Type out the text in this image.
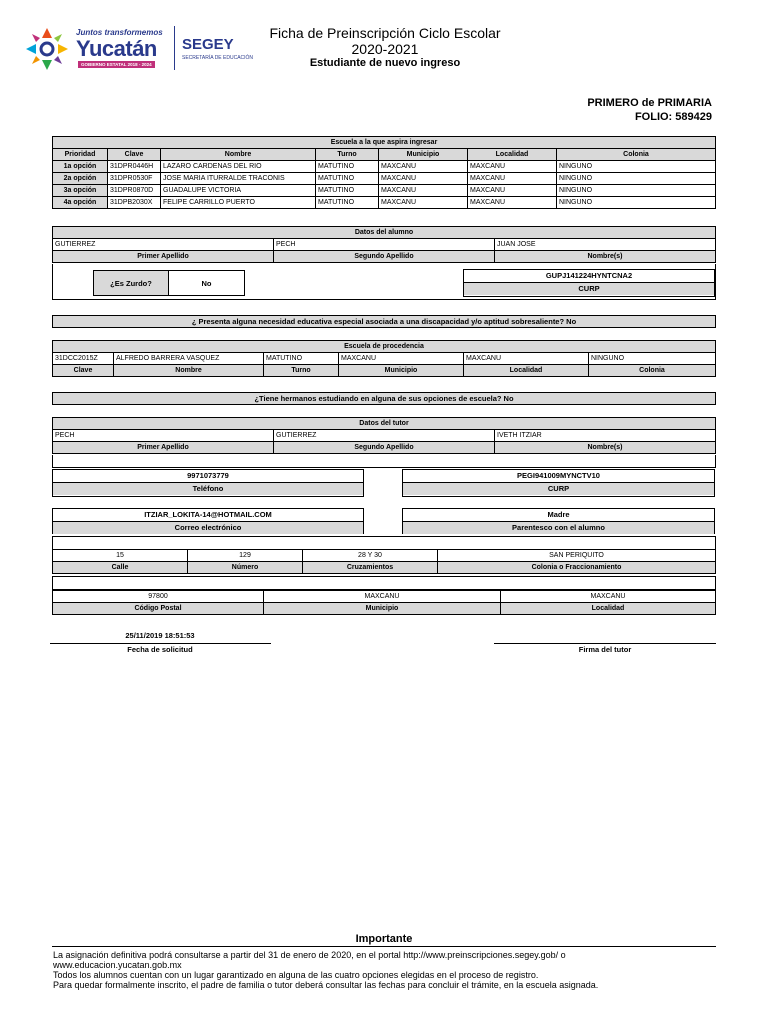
Juntos transformemos
Yucatán
GOBIERNO ESTATAL 2018 - 2024
SEGEY
SECRETARÍA DE EDUCACIÓN
Ficha de Preinscripción Ciclo Escolar
2020-2021
Estudiante de nuevo ingreso
PRIMERO de PRIMARIA
FOLIO: 589429
Escuela a la que aspira ingresar						
Prioridad	Clave	Nombre	Turno	Municipio	Localidad	Colonia
1a opción	31DPR0446H	LAZARO CARDENAS DEL RIO	MATUTINO	MAXCANU	MAXCANU	NINGUNO
2a opción	31DPR0530F	JOSE MARIA ITURRALDE TRACONIS	MATUTINO	MAXCANU	MAXCANU	NINGUNO
3a opción	31DPR0870D	GUADALUPE VICTORIA	MATUTINO	MAXCANU	MAXCANU	NINGUNO
4a opción	31DPB2030X	FELIPE CARRILLO PUERTO	MATUTINO	MAXCANU	MAXCANU	NINGUNO
Datos del alumno		
GUTIERREZ	PECH	JUAN JOSE
Primer Apellido	Segundo Apellido	Nombre(s)
¿Es Zurdo?	No
GUPJ141224HYNTCNA2
CURP
¿ Presenta alguna necesidad educativa especial asociada a una discapacidad y/o aptitud sobresaliente? No
Escuela de procedencia					
31DCC2015Z	ALFREDO BARRERA VASQUEZ	MATUTINO	MAXCANU	MAXCANU	NINGUNO
Clave	Nombre	Turno	Municipio	Localidad	Colonia
¿Tiene hermanos estudiando en alguna de sus opciones de escuela? No
Datos del tutor		
PECH	GUTIERREZ	IVETH ITZIAR
Primer Apellido	Segundo Apellido	Nombre(s)
9971073779
Teléfono
PEGI941009MYNCTV10
CURP
ITZIAR_LOKITA-14@HOTMAIL.COM
Correo electrónico
Madre
Parentesco con el alumno
15	129	28 Y 30	SAN PERIQUITO
Calle	Número	Cruzamientos	Colonia o Fraccionamiento
97800	MAXCANU	MAXCANU
Código Postal	Municipio	Localidad
25/11/2019 18:51:53
Fecha de solicitud	Firma del tutor
Importante
La asignación definitiva podrá consultarse a partir del 31 de enero de 2020, en el portal http://www.preinscripciones.segey.gob/ o
www.educacion.yucatan.gob.mx
Todos los alumnos cuentan con un lugar garantizado en alguna de las cuatro opciones elegidas en el proceso de registro.
Para quedar formalmente inscrito, el padre de familia o tutor deberá consultar las fechas para concluir el trámite, en la escuela asignada.
